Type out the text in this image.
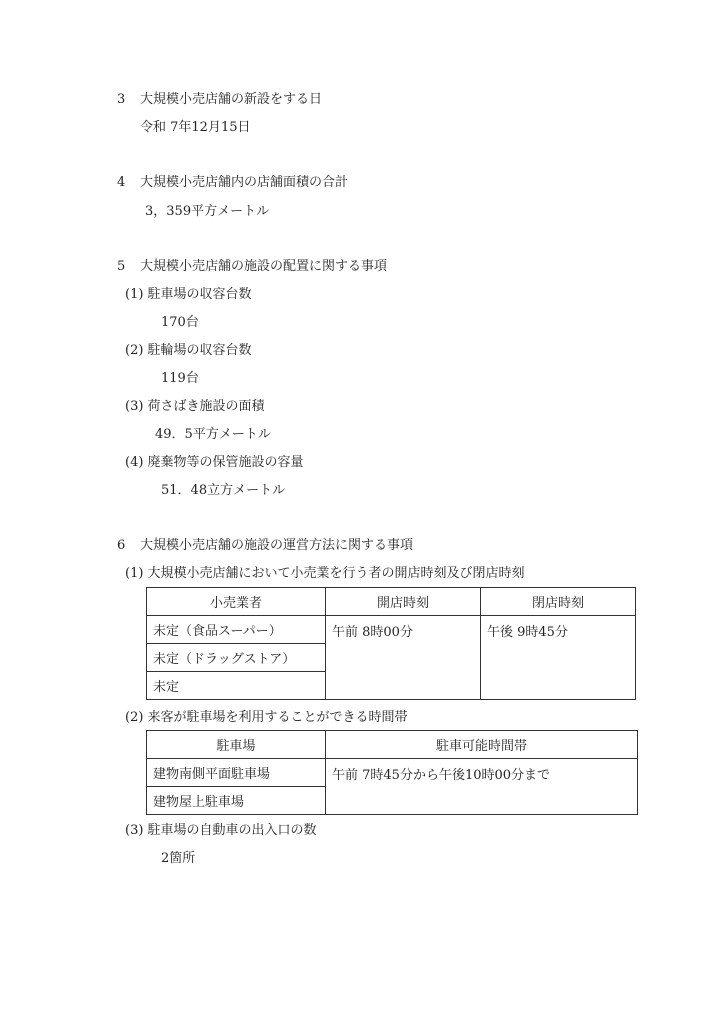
3 大規模小売店舗の新設をする日
令和 7年12月15日
4 大規模小売店舗内の店舗面積の合計
3，359平方メートル
5 大規模小売店舗の施設の配置に関する事項
(1) 駐車場の収容台数
170台
(2) 駐輪場の収容台数
119台
(3) 荷さばき施設の面積
49．5平方メートル
(4) 廃棄物等の保管施設の容量
51．48立方メートル
6 大規模小売店舗の施設の運営方法に関する事項
(1) 大規模小売店舗において小売業を行う者の開店時刻及び閉店時刻
小売業者	開店時刻	閉店時刻
未定（食品スーパー）	午前 8時00分	午後 9時45分
未定（ドラッグストア）		
未定		
(2) 来客が駐車場を利用することができる時間帯
駐車場	駐車可能時間帯
建物南側平面駐車場	午前 7時45分から午後10時00分まで
建物屋上駐車場	
(3) 駐車場の自動車の出入口の数
2箇所
